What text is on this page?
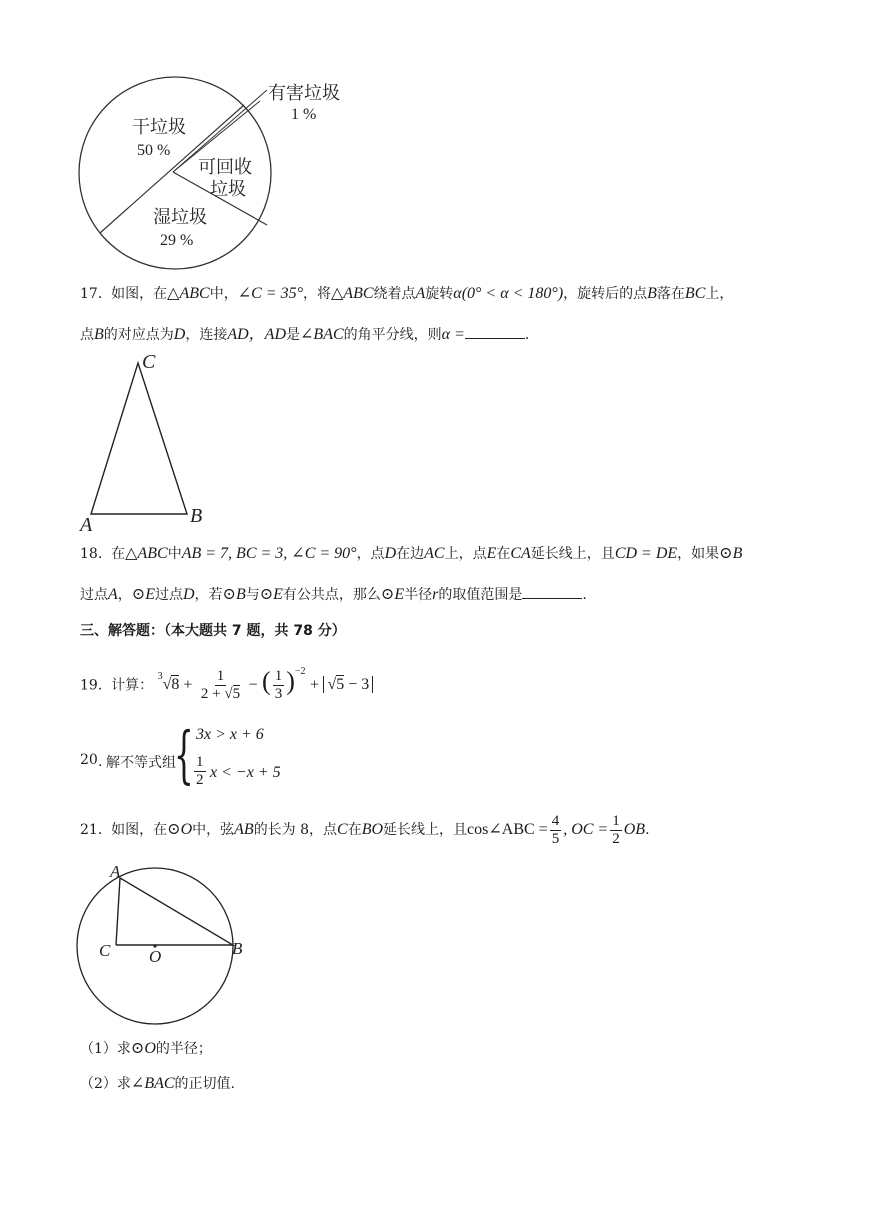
有害垃圾
1 %
干垃圾
50 %
可回收
垃圾
湿垃圾
29 %
17. 如图，在△ABC中，∠C = 35°，将△ABC绕着点A旋转α(0° < α < 180°)，旋转后的点B落在BC上，
点B的对应点为D，连接AD，AD是∠BAC的角平分线，则α =	.
C
A	B
18. 在△ABC中AB = 7, BC = 3, ∠C = 90°，点D在边AC上，点E在CA延长线上，且CD = DE，如果⊙B
过点A，⊙E过点D，若⊙B与⊙E有公共点，那么⊙E半径r的取值范围是	.
三、解答题：（本大题共 7 题，共 78 分）
19. 计算： $^3√8 + \frac{1}{2 + √5}$ − ( $\frac{1}{3} )^{-2} + √5 - 3$
20 . 解不等式组
{ 3x > x + 6
$\frac{1}{2}$ x < −x + 5
21. 如图，在⊙O中，弦AB的长为 8，点C在BO延长线上，且cos∠ABC = $\frac{4}{5}$ , OC = $\frac{1}{2}$ OB.
A
B
C O
（1）求⊙O的半径；
（2）求∠BAC的正切值.
